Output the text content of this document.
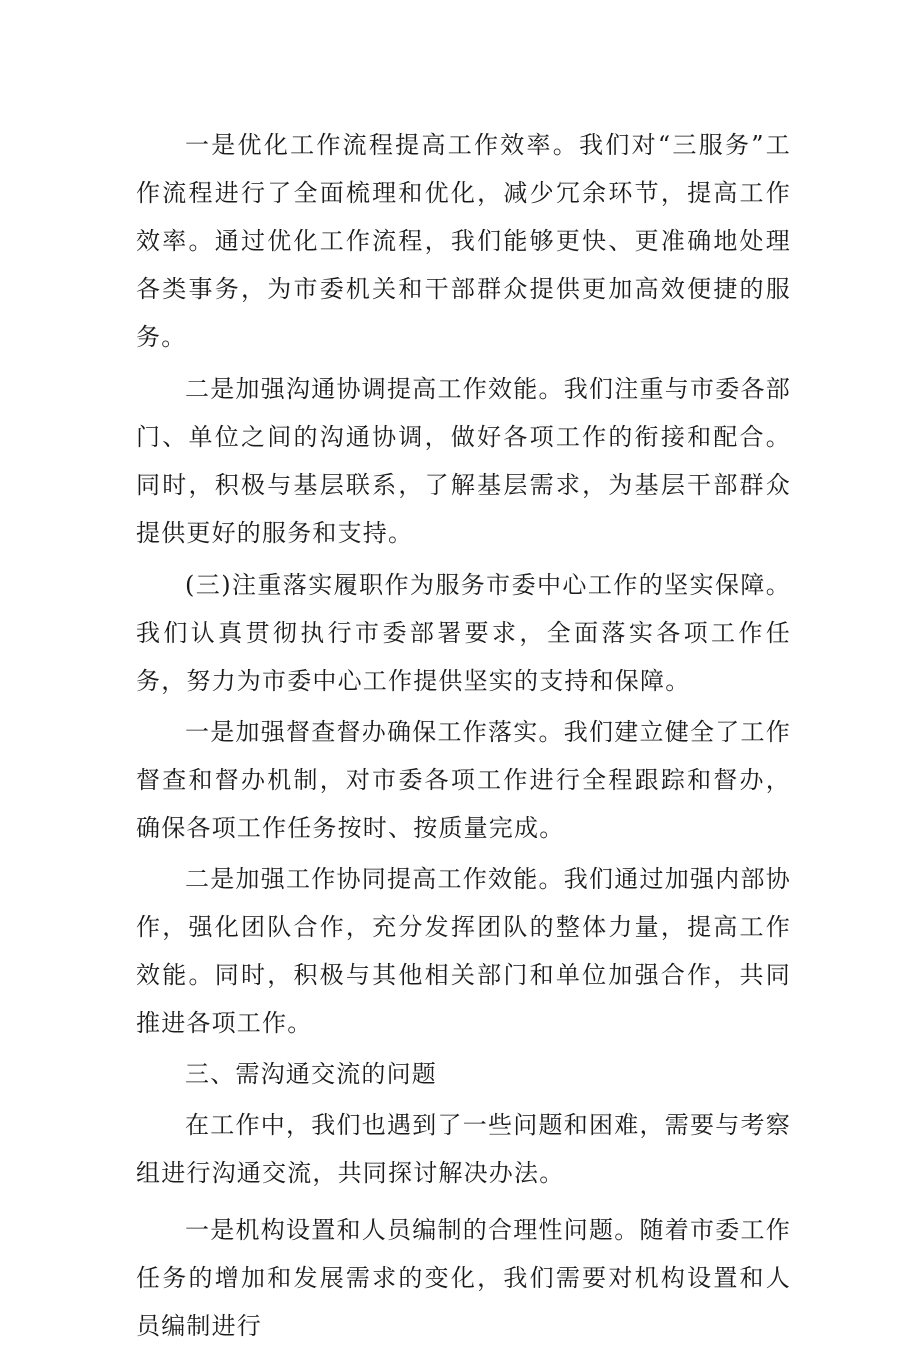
一是优化工作流程提高工作效率。我们对“三服务”工作流程进行了全面梳理和优化，减少冗余环节，提高工作效率。通过优化工作流程，我们能够更快、更准确地处理各类事务，为市委机关和干部群众提供更加高效便捷的服务。

二是加强沟通协调提高工作效能。我们注重与市委各部门、单位之间的沟通协调，做好各项工作的衔接和配合。同时，积极与基层联系，了解基层需求，为基层干部群众提供更好的服务和支持。

(三)注重落实履职作为服务市委中心工作的坚实保障。我们认真贯彻执行市委部署要求，全面落实各项工作任务，努力为市委中心工作提供坚实的支持和保障。

一是加强督查督办确保工作落实。我们建立健全了工作督查和督办机制，对市委各项工作进行全程跟踪和督办，确保各项工作任务按时、按质量完成。

二是加强工作协同提高工作效能。我们通过加强内部协作，强化团队合作，充分发挥团队的整体力量，提高工作效能。同时，积极与其他相关部门和单位加强合作，共同推进各项工作。

三、需沟通交流的问题

在工作中，我们也遇到了一些问题和困难，需要与考察组进行沟通交流，共同探讨解决办法。

一是机构设置和人员编制的合理性问题。随着市委工作任务的增加和发展需求的变化，我们需要对机构设置和人员编制进行
